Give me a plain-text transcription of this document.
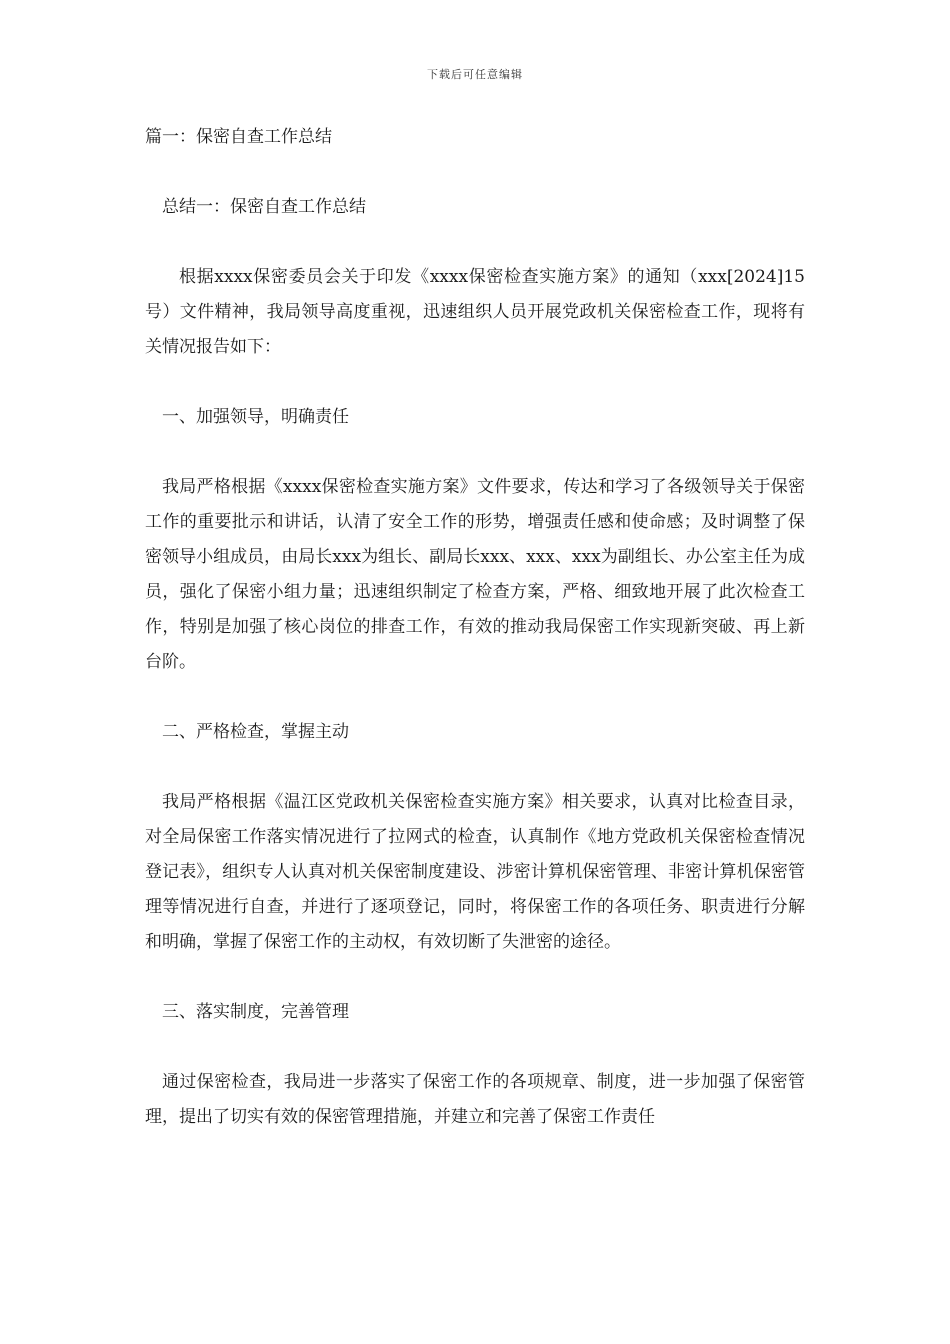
下载后可任意编辑
篇一：保密自查工作总结
总结一：保密自查工作总结

根据xxxx保密委员会关于印发《xxxx保密检查实施方案》的通知（xxx[2024]15号）文件精神，我局领导高度重视，迅速组织人员开展党政机关保密检查工作，现将有关情况报告如下：

一、加强领导，明确责任

我局严格根据《xxxx保密检查实施方案》文件要求，传达和学习了各级领导关于保密工作的重要批示和讲话，认清了安全工作的形势，增强责任感和使命感；及时调整了保密领导小组成员，由局长xxx为组长、副局长xxx、xxx、xxx为副组长、办公室主任为成员，强化了保密小组力量；迅速组织制定了检查方案，严格、细致地开展了此次检查工作，特别是加强了核心岗位的排查工作，有效的推动我局保密工作实现新突破、再上新台阶。

二、严格检查，掌握主动

我局严格根据《温江区党政机关保密检查实施方案》相关要求，认真对比检查目录，对全局保密工作落实情况进行了拉网式的检查，认真制作《地方党政机关保密检查情况登记表》，组织专人认真对机关保密制度建设、涉密计算机保密管理、非密计算机保密管理等情况进行自查，并进行了逐项登记，同时，将保密工作的各项任务、职责进行分解和明确，掌握了保密工作的主动权，有效切断了失泄密的途径。

三、落实制度，完善管理

通过保密检查，我局进一步落实了保密工作的各项规章、制度，进一步加强了保密管理，提出了切实有效的保密管理措施，并建立和完善了保密工作责任
